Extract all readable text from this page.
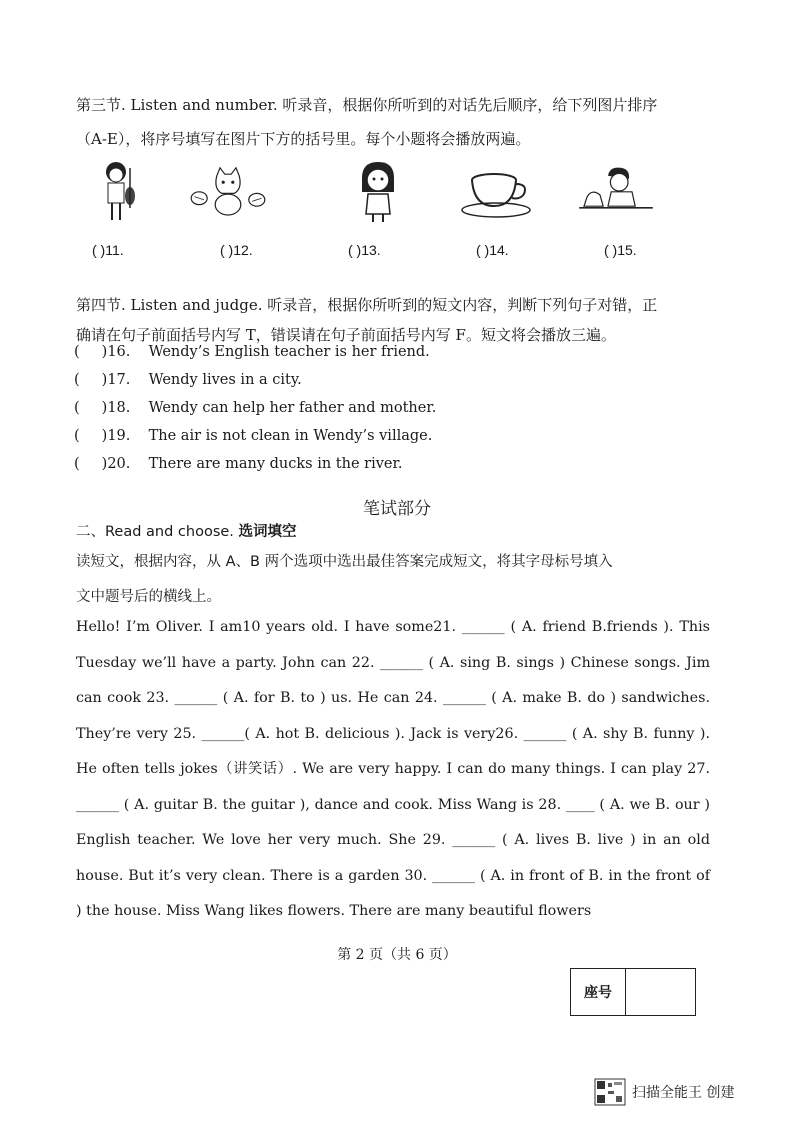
第三节. Listen and number. 听录音，根据你所听到的对话先后顺序，给下列图片排序
（A-E），将序号填写在图片下方的括号里。每个小题将会播放两遍。
( )11.	( )12.	( )13.	( )14.	( )15.
第四节. Listen and judge. 听录音，根据你所听到的短文内容，判断下列句子对错，正
确请在句子前面括号内写 T，错误请在句子前面括号内写 F。短文将会播放三遍。
( )16. Wendy’s English teacher is her friend.
( )17. Wendy lives in a city.
( )18. Wendy can help her father and mother.
( )19. The air is not clean in Wendy’s village.
( )20. There are many ducks in the river.
笔试部分
二、Read and choose. 选词填空
读短文，根据内容，从 A、B 两个选项中选出最佳答案完成短文，将其字母标号填入
文中题号后的横线上。
Hello! I’m Oliver. I am10 years old. I have some21. ______ ( A. friend B.friends ). This Tuesday we’ll have a party. John can 22. ______ ( A. sing B. sings ) Chinese songs. Jim can cook 23. ______ ( A. for B. to ) us. He can 24. ______ ( A. make B. do ) sandwiches. They’re very 25. ______( A. hot B. delicious ). Jack is very26. ______ ( A. shy B. funny ). He often tells jokes（讲笑话）. We are very happy. I can do many things. I can play 27. ______ ( A. guitar B. the guitar ), dance and cook. Miss Wang is 28. ____ ( A. we B. our ) English teacher. We love her very much. She 29. ______ ( A. lives B. live ) in an old house. But it’s very clean. There is a garden 30. ______ ( A. in front of B. in the front of ) the house. Miss Wang likes flowers. There are many beautiful flowers
第 2 页（共 6 页）
座号
扫描全能王 创建
